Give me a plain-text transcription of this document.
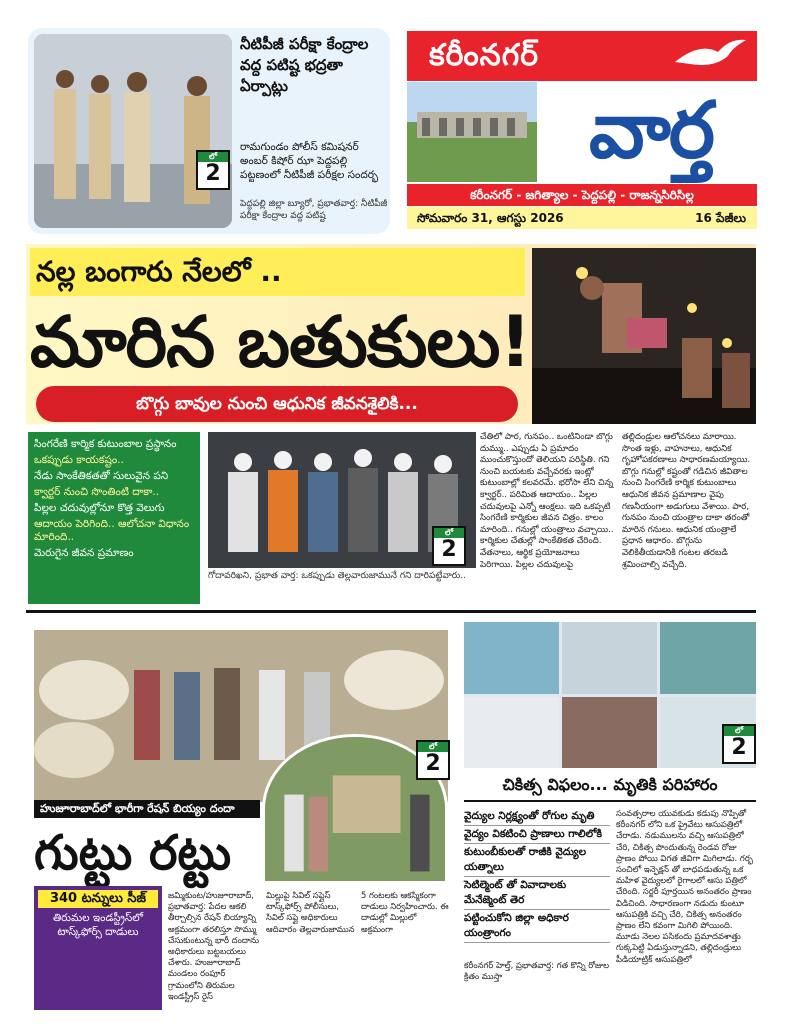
లో
2
నీటిపీజీ పరీక్షా కేంద్రాల వద్ద పటిష్ట భద్రతా ఏర్పాట్లు
రామగుండం పోలీస్ కమిషనర్ అంబర్ కిషోర్ ఝా పెద్దపల్లి పట్టణంలో నీటిపీజీ పరీక్షల సందర్భ
పెద్దపల్లి జిల్లా బ్యూరో, ప్రభాతవార్త: నీటిపీజీ పరీక్షా కేంద్రాల వద్ద పటిష్ట
కరీంనగర్
వార్త
కరీంనగర్ - జగిత్యాల - పెద్దపల్లి - రాజన్నసిరిసిల్ల
సోమవారం 31, ఆగస్టు 2026	16 పేజీలు
నల్ల బంగారు నేలలో ..
మారిన బతుకులు!
బొగ్గు బావుల నుంచి ఆధునిక జీవనశైలికి...

సింగరేణి కార్మిక కుటుంబాల ప్రస్థానం

ఒకప్పుడు కాయకష్టం..

నేడు సాంకేతికతతో సులువైన పని

క్వార్టర్ నుంచి సొంతింటి దాకా..

పిల్లల చదువుల్లోనూ కొత్త వెలుగు

ఆదాయం పెరిగింది.. ఆలోచనా విధానం మారింది..

మెరుగైన జీవన ప్రమాణం

లో
2
గోదావరిఖని, ప్రభాత వార్త: ఒకప్పుడు తెల్లవారుజామునే గని దారిపట్టేవారు..
చేతిలో పార, గునపం.. ఒంటినిండా బొగ్గు దుమ్ము.. ఎప్పుడు ఏ ప్రమాదం ముంచుకొస్తుందో తెలియని పరిస్థితి. గని నుంచి బయటకు వచ్చేవరకు ఇంట్లో కుటుంబాల్లో కలవరమే. భరోసా లేని చిన్న క్వార్టర్.. పరిమిత ఆదాయం.. పిల్లల చదువులపై ఎన్నో ఆంక్షలు. ఇది ఒకప్పటి సింగరేణి కార్మికుల జీవన చిత్రం. కాలం మారింది.. గనుల్లో యంత్రాలు వచ్చాయి.. కార్మికుల చేతుల్లో సాంకేతికత చేరింది. వేతనాలు, ఆర్థిక ప్రయోజనాలు పెరిగాయి. పిల్లల చదువులపై తల్లిదండ్రుల ఆలోచనలు మారాయి. సొంత ఇళ్లు, వాహనాలు, ఆధునిక గృహోపకరణాలు సాధారణమయ్యాయి. బొగ్గు గనుల్లో కష్టంతో గడిచిన జీవితాల నుంచి సింగరేణి కార్మిక కుటుంబాలు ఆధునిక జీవన ప్రమాణాల వైపు గణనీయంగా అడుగులు వేశాయి. పార, గునపం నుంచి యంత్రాల దాకా తరంతో మారిన గనులు. ఆధునిక యంత్రాలే ప్రధాన ఆధారం. బొగ్గును వెలికితీయడానికి గంటల తరబడి శ్రమించాల్సి వచ్చేది.
లో
2
హుజూరాబాద్‌లో భారీగా రేషన్ బియ్యం దందా
గుట్టు రట్టు
340 టన్నులు సీజ్

తిరుమల ఇండస్ట్రీస్‌లో టాస్క్‌ఫోర్స్ దాడులు

జమ్మికుంట/హుజూరాబాద్, ప్రభాతవార్త: పేదల ఆకలి తీర్చాల్సిన రేషన్ బియ్యాన్ని అక్రమంగా తరలిస్తూ సొమ్ము చేసుకుంటున్న భారీ దందాను అధికారులు బట్టబయలు చేశారు. హుజూరాబాద్ మండలం రంపూర్ గ్రామంలోని తిరుమల ఇండస్ట్రీస్ రైస్
మిల్లుపై సివిల్ సప్లైస్ టాస్క్‌ఫోర్స్ పోలీసులు, సివిల్ సప్లై అధికారులు ఆదివారం తెల్లవారుజామున 5 గంటలకు ఆకస్మికంగా దాడులు నిర్వహించారు. ఈ దాడుల్లో మిల్లులో అక్రమంగా
లో
2
చికిత్స విఫలం... మృతికి పరిహారం

వైద్యుల నిర్లక్ష్యంతో రోగుల మృతి

వైద్యం వికటించి ప్రాణాలు గాలిలోకి

కుటుంబీకులతో రాజీకి వైద్యుల యత్నాలు

సెటిల్మెంట్ తో వివాదాలకు మేనేజ్మెంట్ తెర

పట్టించుకోని జిల్లా అధికార యంత్రాంగం

కరీంనగర్ హెల్త్, ప్రభాతవార్త: గత కొన్ని రోజుల క్రితం ముస్తా
సంవత్సరాల యువకుడు కడుపు నొప్పితో కరీంనగర్ లోని ఒక ప్రైవేటు ఆసుపత్రిలో చేరాడు. నడుములను వచ్చి ఆసుపత్రిలో చేరి, చికిత్స పొందుతున్న రెండవ రోజు ప్రాణం పోయి విగత జీవిగా మిగిలాడు. గర్భ సంచిలో ఇన్ఫెక్షన్ తో బాధపడుతున్న ఒక మహిళ వైద్యులలో రైగాలలో ఆసు పత్రిలో చేరింది. సర్జరీ పూర్తయిన అనంతరం ప్రాణం విడిచింది. సాధారణంగా నడుదు కుంటూ ఆసుపత్రికి వచ్చి చేరి, చికిత్స అనంతరం ప్రాణం లేని కవంగా మిగిలి పోయింది. మూడు నెలల పసికందు ప్రమాదవశాత్తు గుక్కపెట్టి ఏడుస్తున్నాడని, తల్లిదండ్రులు పీడియాట్రిక్ ఆసుపత్రిలో
